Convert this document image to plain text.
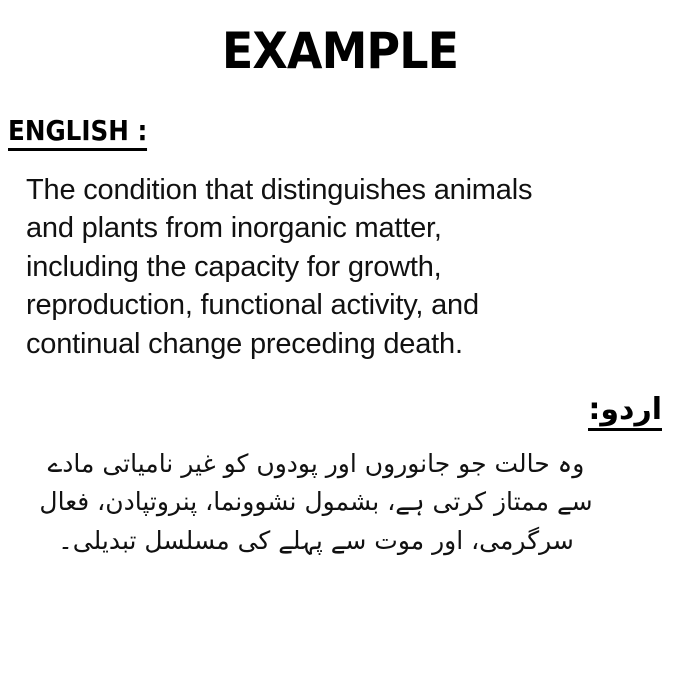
EXAMPLE
ENGLISH :

The condition that distinguishes animals and plants from inorganic matter, including the capacity for growth, reproduction, functional activity, and continual change preceding death.

اردو:

وہ حالت جو جانوروں اور پودوں کو غیر نامیاتی مادے سے ممتاز کرتی ہے، بشمول نشوونما، پنروتپادن، فعال سرگرمی، اور موت سے پہلے کی مسلسل تبدیلی۔
